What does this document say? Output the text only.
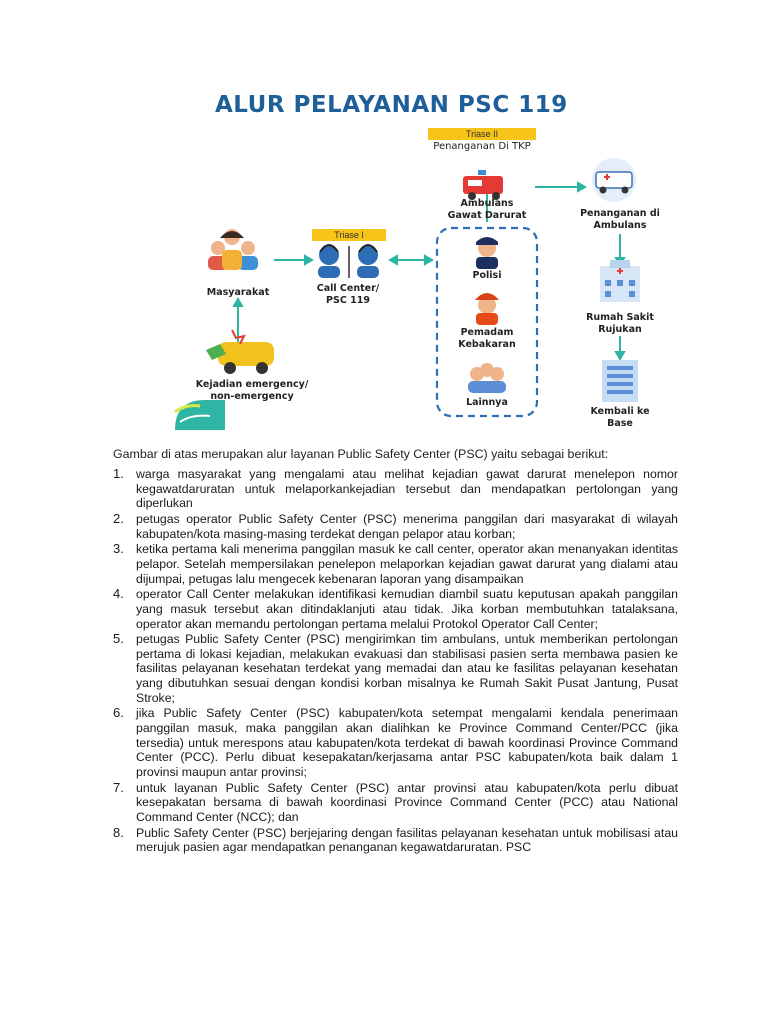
ALUR PELAYANAN PSC 119
Triase II
Penanganan Di TKP
Triase I
Masyarakat	Call Center/
PSC 119
Kejadian emergency/
non-emergency
Ambulans
Gawat Darurat
Polisi
Pemadam
Kebakaran
Lainnya
Penanganan di
Ambulans
Rumah Sakit
Rujukan
Kembali ke
Base
Gambar di atas merupakan alur layanan Public Safety Center (PSC) yaitu sebagai berikut:
1. warga masyarakat yang mengalami atau melihat kejadian gawat darurat menelepon nomor kegawatdaruratan untuk melaporkankejadian tersebut dan mendapatkan pertolongan yang diperlukan
2. petugas operator Public Safety Center (PSC) menerima panggilan dari masyarakat di wilayah kabupaten/kota masing-masing terdekat dengan pelapor atau korban;
3. ketika pertama kali menerima panggilan masuk ke call center, operator akan menanyakan identitas pelapor. Setelah mempersilakan penelepon melaporkan kejadian gawat darurat yang dialami atau dijumpai, petugas lalu mengecek kebenaran laporan yang disampaikan
4. operator Call Center melakukan identifikasi kemudian diambil suatu keputusan apakah panggilan yang masuk tersebut akan ditindaklanjuti atau tidak. Jika korban membutuhkan tatalaksana, operator akan memandu pertolongan pertama melalui Protokol Operator Call Center;
5. petugas Public Safety Center (PSC) mengirimkan tim ambulans, untuk memberikan pertolongan pertama di lokasi kejadian, melakukan evakuasi dan stabilisasi pasien serta membawa pasien ke fasilitas pelayanan kesehatan terdekat yang memadai dan atau ke fasilitas pelayanan kesehatan yang dibutuhkan sesuai dengan kondisi korban misalnya ke Rumah Sakit Pusat Jantung, Pusat Stroke;
6. jika Public Safety Center (PSC) kabupaten/kota setempat mengalami kendala penerimaan panggilan masuk, maka panggilan akan dialihkan ke Province Command Center/PCC (jika tersedia) untuk merespons atau kabupaten/kota terdekat di bawah koordinasi Province Command Center (PCC). Perlu dibuat kesepakatan/kerjasama antar PSC kabupaten/kota baik dalam 1 provinsi maupun antar provinsi;
7. untuk layanan Public Safety Center (PSC) antar provinsi atau kabupaten/kota perlu dibuat kesepakatan bersama di bawah koordinasi Province Command Center (PCC) atau National Command Center (NCC); dan
8. Public Safety Center (PSC) berjejaring dengan fasilitas pelayanan kesehatan untuk mobilisasi atau merujuk pasien agar mendapatkan penanganan kegawatdaruratan. PSC
